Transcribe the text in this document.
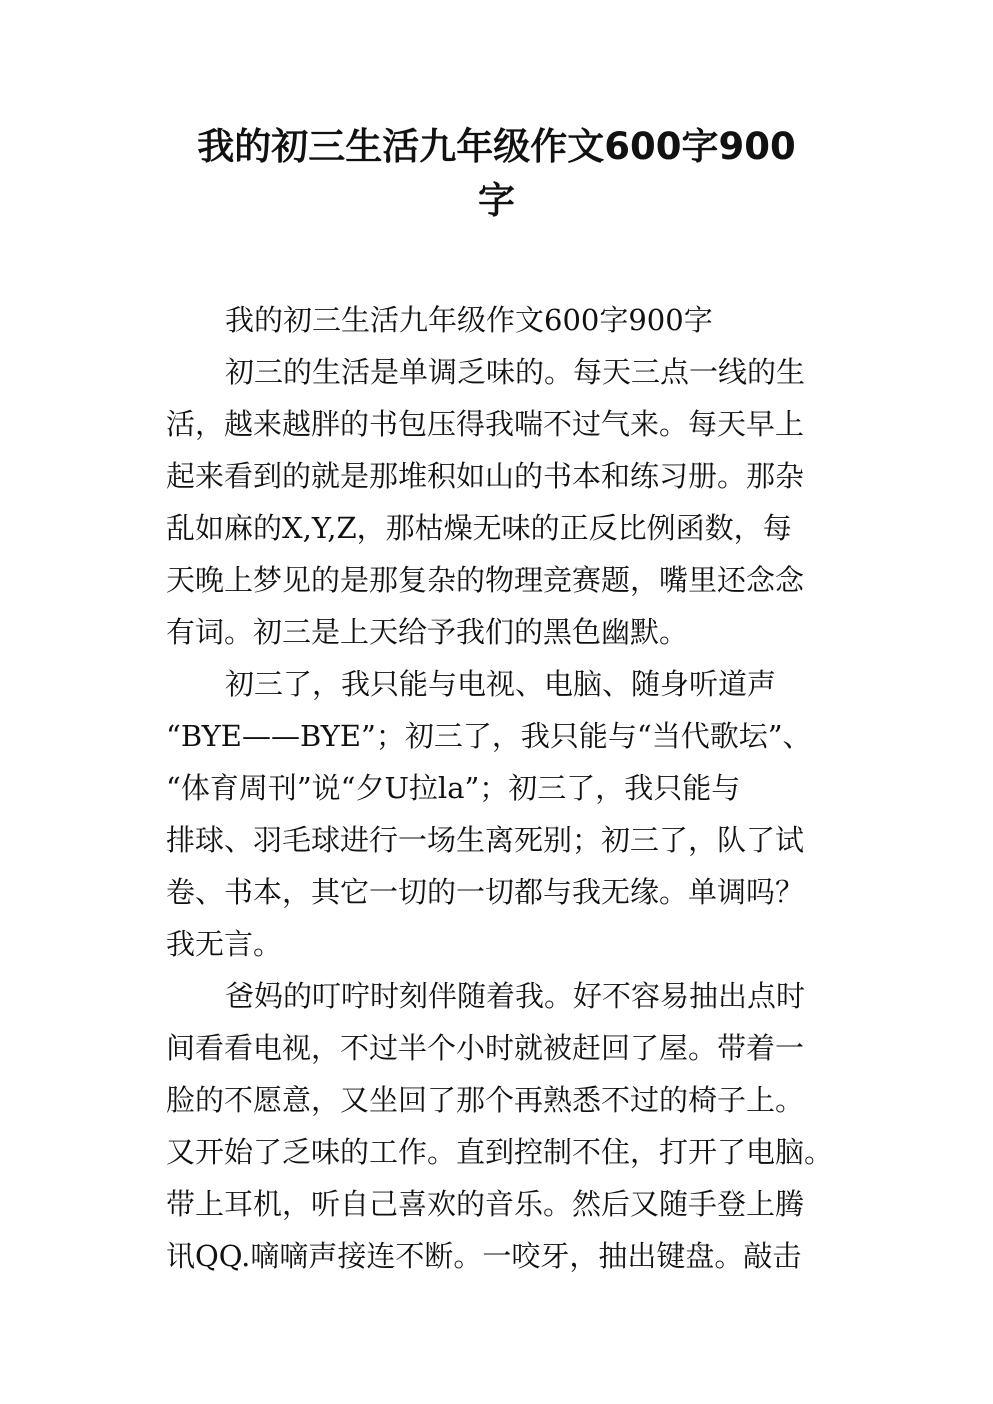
我的初三生活九年级作文600字900
字
我的初三生活九年级作文600字900字
初三的生活是单调乏味的。每天三点一线的生
活，越来越胖的书包压得我喘不过气来。每天早上
起来看到的就是那堆积如山的书本和练习册。那杂
乱如麻的X,Y,Z，那枯燥无味的正反比例函数，每
天晚上梦见的是那复杂的物理竞赛题，嘴里还念念
有词。初三是上天给予我们的黑色幽默。
初三了，我只能与电视、电脑、随身听道声
“BYE——BYE”；初三了，我只能与“当代歌坛”、
“体育周刊”说“夕U拉la”；初三了，我只能与
排球、羽毛球进行一场生离死别；初三了，队了试
卷、书本，其它一切的一切都与我无缘。单调吗？
我无言。
爸妈的叮咛时刻伴随着我。好不容易抽出点时
间看看电视，不过半个小时就被赶回了屋。带着一
脸的不愿意，又坐回了那个再熟悉不过的椅子上。
又开始了乏味的工作。直到控制不住，打开了电脑。
带上耳机，听自己喜欢的音乐。然后又随手登上腾
讯QQ.嘀嘀声接连不断。一咬牙，抽出键盘。敲击
